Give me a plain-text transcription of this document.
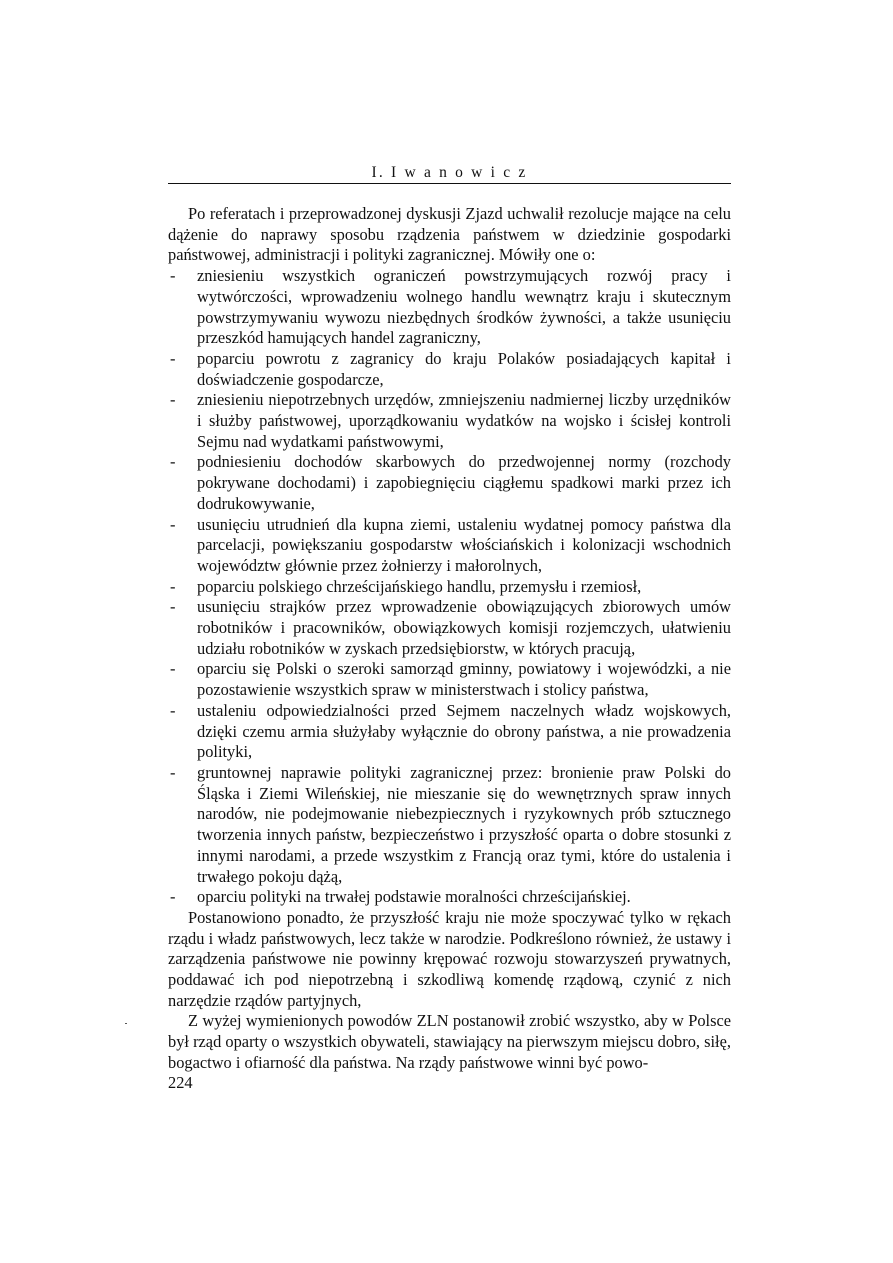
I. I w a n o w i c z

Po referatach i przeprowadzonej dyskusji Zjazd uchwalił rezolucje mające na celu dążenie do naprawy sposobu rządzenia państwem w dziedzinie gospodarki państwowej, administracji i polityki zagranicznej. Mówiły one o:

- zniesieniu wszystkich ograniczeń powstrzymujących rozwój pracy i wytwórczości, wprowadzeniu wolnego handlu wewnątrz kraju i skutecznym powstrzymywaniu wywozu niezbędnych środków żywności, a także usunięciu przeszkód hamujących handel zagraniczny,
- poparciu powrotu z zagranicy do kraju Polaków posiadających kapitał i doświadczenie gospodarcze,
- zniesieniu niepotrzebnych urzędów, zmniejszeniu nadmiernej liczby urzędników i służby państwowej, uporządkowaniu wydatków na wojsko i ścisłej kontroli Sejmu nad wydatkami państwowymi,
- podniesieniu dochodów skarbowych do przedwojennej normy (rozchody pokrywane dochodami) i zapobiegnięciu ciągłemu spadkowi marki przez ich dodrukowywanie,
- usunięciu utrudnień dla kupna ziemi, ustaleniu wydatnej pomocy państwa dla parcelacji, powiększaniu gospodarstw włościańskich i kolonizacji wschodnich województw głównie przez żołnierzy i małorolnych,
- poparciu polskiego chrześcijańskiego handlu, przemysłu i rzemiosł,
- usunięciu strajków przez wprowadzenie obowiązujących zbiorowych umów robotników i pracowników, obowiązkowych komisji rozjemczych, ułatwieniu udziału robotników w zyskach przedsiębiorstw, w których pracują,
- oparciu się Polski o szeroki samorząd gminny, powiatowy i wojewódzki, a nie pozostawienie wszystkich spraw w ministerstwach i stolicy państwa,
- ustaleniu odpowiedzialności przed Sejmem naczelnych władz wojskowych, dzięki czemu armia służyłaby wyłącznie do obrony państwa, a nie prowadzenia polityki,
- gruntownej naprawie polityki zagranicznej przez: bronienie praw Polski do Śląska i Ziemi Wileńskiej, nie mieszanie się do wewnętrznych spraw innych narodów, nie podejmowanie niebezpiecznych i ryzykownych prób sztucznego tworzenia innych państw, bezpieczeństwo i przyszłość oparta o dobre stosunki z innymi narodami, a przede wszystkim z Francją oraz tymi, które do ustalenia i trwałego pokoju dążą,
- oparciu polityki na trwałej podstawie moralności chrześcijańskiej.

Postanowiono ponadto, że przyszłość kraju nie może spoczywać tylko w rękach rządu i władz państwowych, lecz także w narodzie. Podkreślono również, że ustawy i zarządzenia państwowe nie powinny krępować rozwoju stowarzyszeń prywatnych, poddawać ich pod niepotrzebną i szkodliwą komendę rządową, czynić z nich narzędzie rządów partyjnych,

Z wyżej wymienionych powodów ZLN postanowił zrobić wszystko, aby w Polsce był rząd oparty o wszystkich obywateli, stawiający na pierwszym miejscu dobro, siłę, bogactwo i ofiarność dla państwa. Na rządy państwowe winni być powo-

224
